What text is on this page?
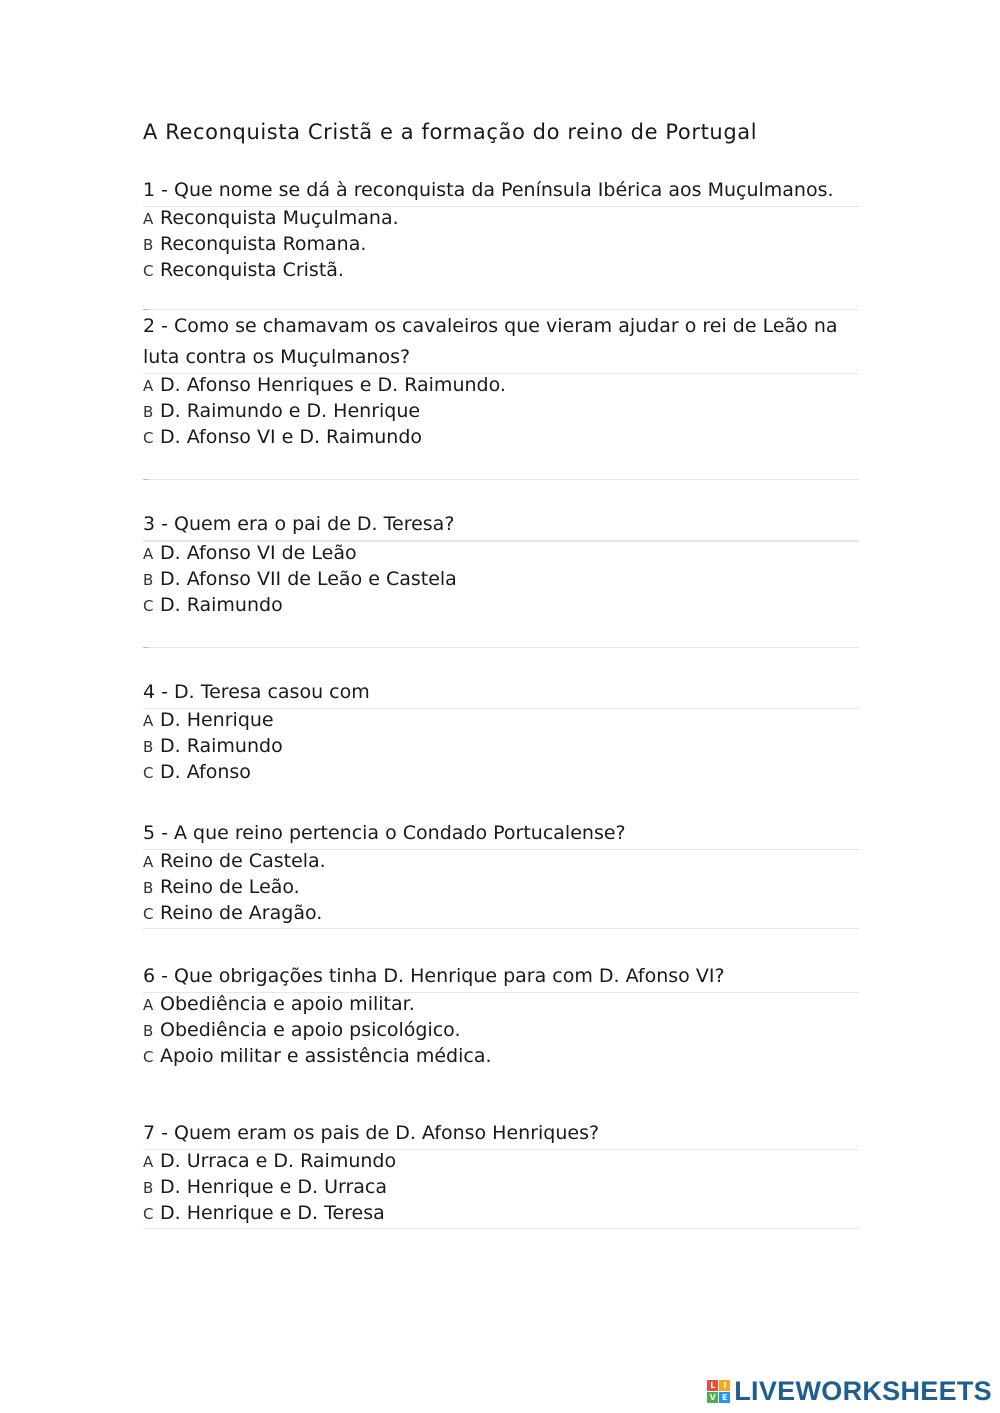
A Reconquista Cristã e a formação do reino de Portugal
1 - Que nome se dá à reconquista da Península Ibérica aos Muçulmanos.
A Reconquista Muçulmana.
B Reconquista Romana.
C Reconquista Cristã.
2 - Como se chamavam os cavaleiros que vieram ajudar o rei de Leão na luta contra os Muçulmanos?
A D. Afonso Henriques e D. Raimundo.
B D. Raimundo e D. Henrique
C D. Afonso VI e D. Raimundo
3 - Quem era o pai de D. Teresa?
A D. Afonso VI de Leão
B D. Afonso VII de Leão e Castela
C D. Raimundo
4 - D. Teresa casou com
A D. Henrique
B D. Raimundo
C D. Afonso
5 - A que reino pertencia o Condado Portucalense?
A Reino de Castela.
B Reino de Leão.
C Reino de Aragão.
6 - Que obrigações tinha D. Henrique para com D. Afonso VI?
A Obediência e apoio militar.
B Obediência e apoio psicológico.
C Apoio militar e assistência médica.
7 - Quem eram os pais de D. Afonso Henriques?
A D. Urraca e D. Raimundo
B D. Henrique e D. Urraca
C D. Henrique e D. Teresa
L I
V E LIVEWORKSHEETS
